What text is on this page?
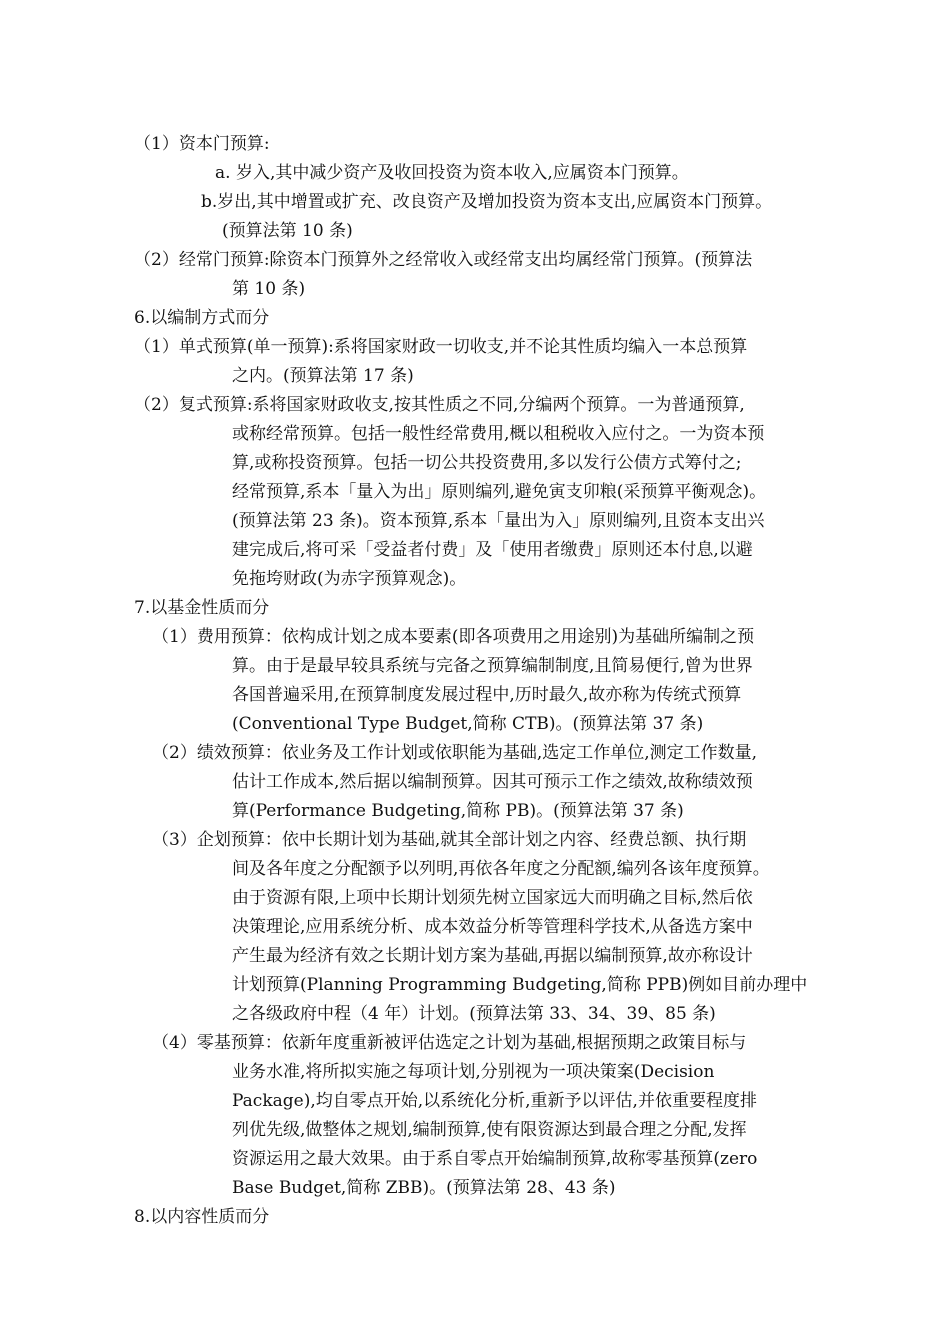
（1）资本门预算:
a. 岁入,其中减少资产及收回投资为资本收入,应属资本门预算。
b.岁出,其中增置或扩充、改良资产及增加投资为资本支出,应属资本门预算。
(预算法第 10 条)
（2）经常门预算:除资本门预算外之经常收入或经常支出均属经常门预算。(预算法
第 10 条)
6.以编制方式而分
（1）单式预算(单一预算):系将国家财政一切收支,并不论其性质均编入一本总预算
之内。(预算法第 17 条)
（2）复式预算:系将国家财政收支,按其性质之不同,分编两个预算。一为普通预算,
或称经常预算。包括一般性经常费用,概以租税收入应付之。一为资本预
算,或称投资预算。包括一切公共投资费用,多以发行公债方式筹付之;
经常预算,系本「量入为出」原则编列,避免寅支卯粮(采预算平衡观念)。
(预算法第 23 条)。资本预算,系本「量出为入」原则编列,且资本支出兴
建完成后,将可采「受益者付费」及「使用者缴费」原则还本付息,以避
免拖垮财政(为赤字预算观念)。
7.以基金性质而分
（1）费用预算：依构成计划之成本要素(即各项费用之用途别)为基础所编制之预
算。由于是最早较具系统与完备之预算编制制度,且简易便行,曾为世界
各国普遍采用,在预算制度发展过程中,历时最久,故亦称为传统式预算
(Conventional Type Budget,简称 CTB)。(预算法第 37 条)
（2）绩效预算：依业务及工作计划或依职能为基础,选定工作单位,测定工作数量,
估计工作成本,然后据以编制预算。因其可预示工作之绩效,故称绩效预
算(Performance Budgeting,简称 PB)。(预算法第 37 条)
（3）企划预算：依中长期计划为基础,就其全部计划之内容、经费总额、执行期
间及各年度之分配额予以列明,再依各年度之分配额,编列各该年度预算。
由于资源有限,上项中长期计划须先树立国家远大而明确之目标,然后依
决策理论,应用系统分析、成本效益分析等管理科学技术,从备选方案中
产生最为经济有效之长期计划方案为基础,再据以编制预算,故亦称设计
计划预算(Planning Programming Budgeting,简称 PPB)例如目前办理中
之各级政府中程（4 年）计划。(预算法第 33、34、39、85 条)
（4）零基预算：依新年度重新被评估选定之计划为基础,根据预期之政策目标与
业务水准,将所拟实施之每项计划,分别视为一项决策案(Decision
Package),均自零点开始,以系统化分析,重新予以评估,并依重要程度排
列优先级,做整体之规划,编制预算,使有限资源达到最合理之分配,发挥
资源运用之最大效果。由于系自零点开始编制预算,故称零基预算(zero
Base Budget,简称 ZBB)。(预算法第 28、43 条)
8.以内容性质而分
